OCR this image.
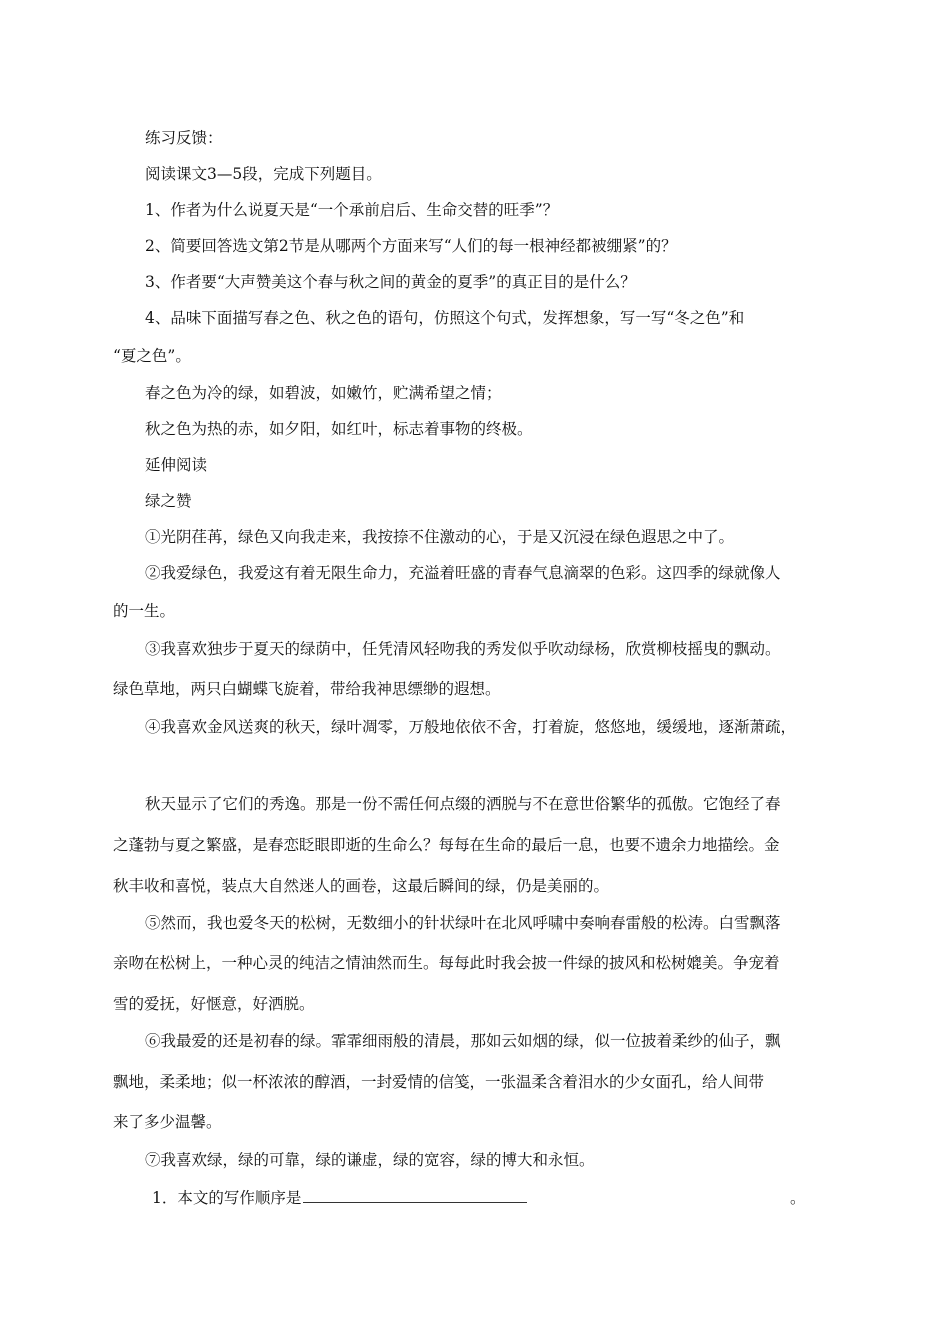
练习反馈：
阅读课文3—5段，完成下列题目。
1、作者为什么说夏天是“一个承前启后、生命交替的旺季”？
2、简要回答选文第2节是从哪两个方面来写“人们的每一根神经都被绷紧”的？
3、作者要“大声赞美这个春与秋之间的黄金的夏季”的真正目的是什么？
4、品味下面描写春之色、秋之色的语句，仿照这个句式，发挥想象，写一写“冬之色”和
“夏之色”。
春之色为冷的绿，如碧波，如嫩竹，贮满希望之情；
秋之色为热的赤，如夕阳，如红叶，标志着事物的终极。
延伸阅读
绿之赞
①光阴荏苒，绿色又向我走来，我按捺不住激动的心，于是又沉浸在绿色遐思之中了。
②我爱绿色，我爱这有着无限生命力，充溢着旺盛的青春气息滴翠的色彩。这四季的绿就像人
的一生。
③我喜欢独步于夏天的绿荫中，任凭清风轻吻我的秀发似乎吹动绿杨，欣赏柳枝摇曳的飘动。
绿色草地，两只白蝴蝶飞旋着，带给我神思缥缈的遐想。
④我喜欢金风送爽的秋天，绿叶凋零，万般地依依不舍，打着旋，悠悠地，缓缓地，逐渐萧疏，
秋天显示了它们的秀逸。那是一份不需任何点缀的洒脱与不在意世俗繁华的孤傲。它饱经了春
之蓬勃与夏之繁盛，是春恋眨眼即逝的生命么？每每在生命的最后一息，也要不遗余力地描绘。金
秋丰收和喜悦，装点大自然迷人的画卷，这最后瞬间的绿，仍是美丽的。
⑤然而，我也爱冬天的松树，无数细小的针状绿叶在北风呼啸中奏响春雷般的松涛。白雪飘落
亲吻在松树上，一种心灵的纯洁之情油然而生。每每此时我会披一件绿的披风和松树媲美。争宠着
雪的爱抚，好惬意，好洒脱。
⑥我最爱的还是初春的绿。霏霏细雨般的清晨，那如云如烟的绿，似一位披着柔纱的仙子，飘
飘地，柔柔地；似一杯浓浓的醇酒，一封爱情的信笺，一张温柔含着泪水的少女面孔，给人间带
来了多少温馨。
⑦我喜欢绿，绿的可靠，绿的谦虚，绿的宽容，绿的博大和永恒。
1．本文的写作顺序是	。
